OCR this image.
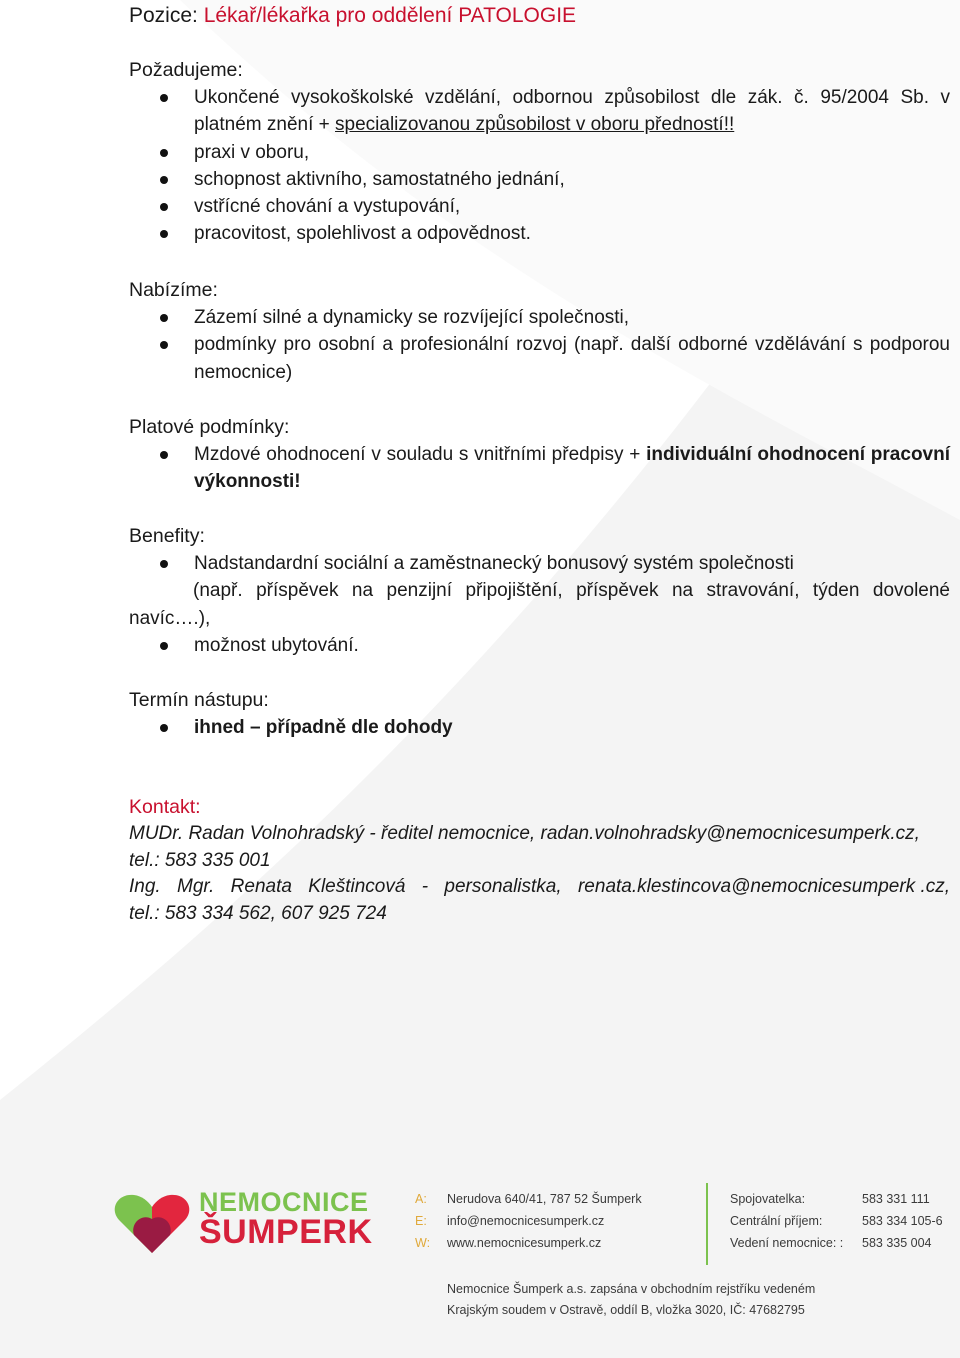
Pozice: Lékař/lékařka pro oddělení PATOLOGIE
Požadujeme:
Ukončené vysokoškolské vzdělání, odbornou způsobilost dle zák. č. 95/2004 Sb. v platném znění + specializovanou způsobilost v oboru předností!!
praxi v oboru,
schopnost aktivního, samostatného jednání,
vstřícné chování a vystupování,
pracovitost, spolehlivost a odpovědnost.
Nabízíme:
Zázemí silné a dynamicky se rozvíjející společnosti,
podmínky pro osobní a profesionální rozvoj (např. další odborné vzdělávání s podporou nemocnice)
Platové podmínky:
Mzdové ohodnocení v souladu s vnitřními předpisy + individuální ohodnocení pracovní výkonnosti!
Benefity:
Nadstandardní sociální a zaměstnanecký bonusový systém společnosti
(např. příspěvek na penzijní připojištění, příspěvek na stravování, týden dovolené navíc….),
možnost ubytování.
Termín nástupu:
ihned – případně dle dohody
Kontakt:

MUDr. Radan Volnohradský - ředitel nemocnice, radan.volnohradsky@nemocnicesumperk.cz,

tel.: 583 335 001

Ing. Mgr. Renata Kleštincová - personalistka, renata.klestincova@nemocnicesumperk .cz,

tel.: 583 334 562, 607 925 724

NEMOCNICE
ŠUMPERK
A: Nerudova 640/41, 787 52 Šumperk
E: info@nemocnicesumperk.cz
W: www.nemocnicesumperk.cz
Spojovatelka:	583 331 111
Centrální příjem:	583 334 105-6
Vedení nemocnice: : 583 335 004
Nemocnice Šumperk a.s. zapsána v obchodním rejstříku vedeném
Krajským soudem v Ostravě, oddíl B, vložka 3020, IČ: 47682795
